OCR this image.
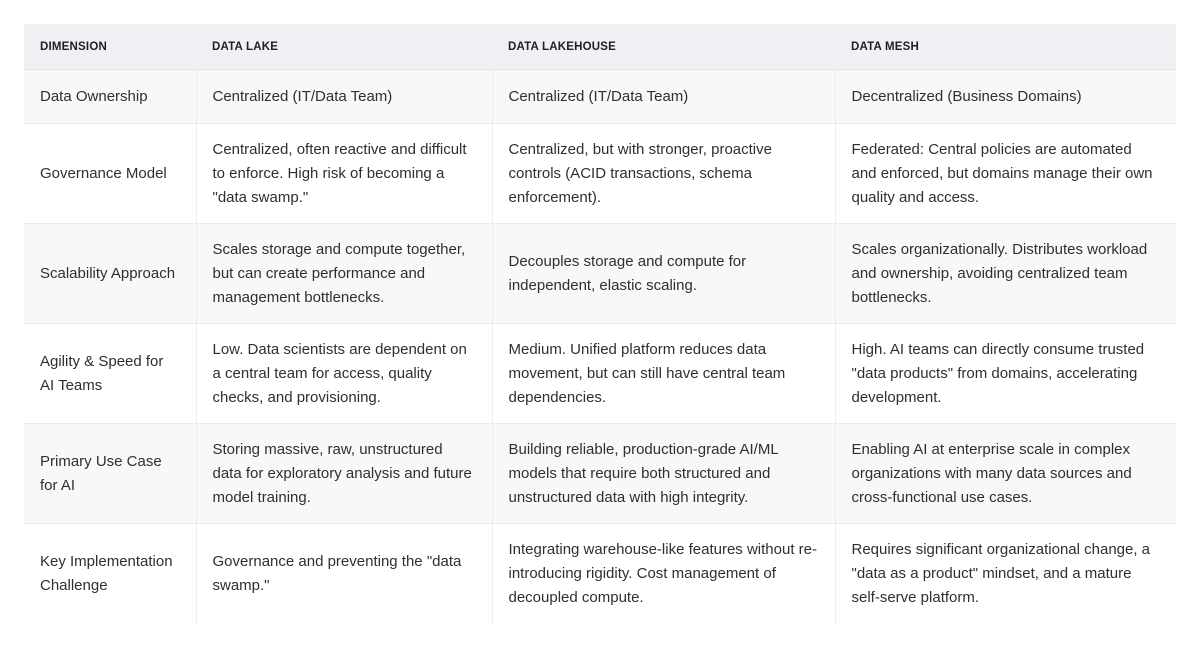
DIMENSION	DATA LAKE	DATA LAKEHOUSE	DATA MESH
Data Ownership	Centralized (IT/Data Team)	Centralized (IT/Data Team)	Decentralized (Business Domains)
Governance Model	Centralized, often reactive and difficult to enforce. High risk of becoming a "data swamp."	Centralized, but with stronger, proactive controls (ACID transactions, schema enforcement).	Federated: Central policies are automated and enforced, but domains manage their own quality and access.
Scalability Approach	Scales storage and compute together, but can create performance and management bottlenecks.	Decouples storage and compute for independent, elastic scaling.	Scales organizationally. Distributes workload and ownership, avoiding centralized team bottlenecks.
Agility & Speed for AI Teams	Low. Data scientists are dependent on a central team for access, quality checks, and provisioning.	Medium. Unified platform reduces data movement, but can still have central team dependencies.	High. AI teams can directly consume trusted "data products" from domains, accelerating development.
Primary Use Case for AI	Storing massive, raw, unstructured data for exploratory analysis and future model training.	Building reliable, production-grade AI/ML models that require both structured and unstructured data with high integrity.	Enabling AI at enterprise scale in complex organizations with many data sources and cross-functional use cases.
Key Implementation Challenge	Governance and preventing the "data swamp."	Integrating warehouse-like features without re-introducing rigidity. Cost management of decoupled compute.	Requires significant organizational change, a "data as a product" mindset, and a mature self-serve platform.
